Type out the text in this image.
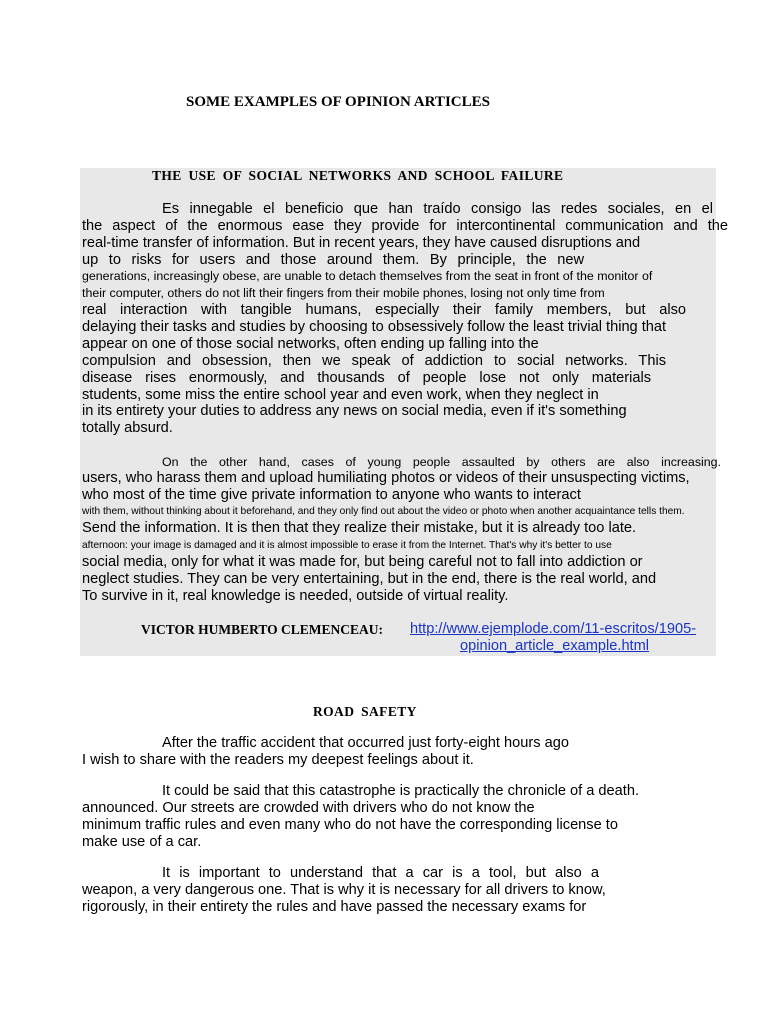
SOME EXAMPLES OF OPINION ARTICLES
THE USE OF SOCIAL NETWORKS AND SCHOOL FAILURE
Es innegable el beneficio que han traído consigo las redes sociales, en el
the aspect of the enormous ease they provide for intercontinental communication and the
real-time transfer of information. But in recent years, they have caused disruptions and
up to risks for users and those around them. By principle, the new
generations, increasingly obese, are unable to detach themselves from the seat in front of the monitor of
their computer, others do not lift their fingers from their mobile phones, losing not only time from
real interaction with tangible humans, especially their family members, but also
delaying their tasks and studies by choosing to obsessively follow the least trivial thing that
appear on one of those social networks, often ending up falling into the
compulsion and obsession, then we speak of addiction to social networks. This
disease rises enormously, and thousands of people lose not only materials
students, some miss the entire school year and even work, when they neglect in
in its entirety your duties to address any news on social media, even if it's something
totally absurd.
On the other hand, cases of young people assaulted by others are also increasing.
users, who harass them and upload humiliating photos or videos of their unsuspecting victims,
who most of the time give private information to anyone who wants to interact
with them, without thinking about it beforehand, and they only find out about the video or photo when another acquaintance tells them.
Send the information. It is then that they realize their mistake, but it is already too late.
afternoon: your image is damaged and it is almost impossible to erase it from the Internet. That's why it's better to use
social media, only for what it was made for, but being careful not to fall into addiction or
neglect studies. They can be very entertaining, but in the end, there is the real world, and
To survive in it, real knowledge is needed, outside of virtual reality.
VICTOR HUMBERTO CLEMENCEAU: http://www.ejemplode.com/11-escritos/1905-
opinion_article_example.html
ROAD SAFETY
After the traffic accident that occurred just forty-eight hours ago
I wish to share with the readers my deepest feelings about it.
It could be said that this catastrophe is practically the chronicle of a death.
announced. Our streets are crowded with drivers who do not know the
minimum traffic rules and even many who do not have the corresponding license to
make use of a car.
It is important to understand that a car is a tool, but also a
weapon, a very dangerous one. That is why it is necessary for all drivers to know,
rigorously, in their entirety the rules and have passed the necessary exams for
